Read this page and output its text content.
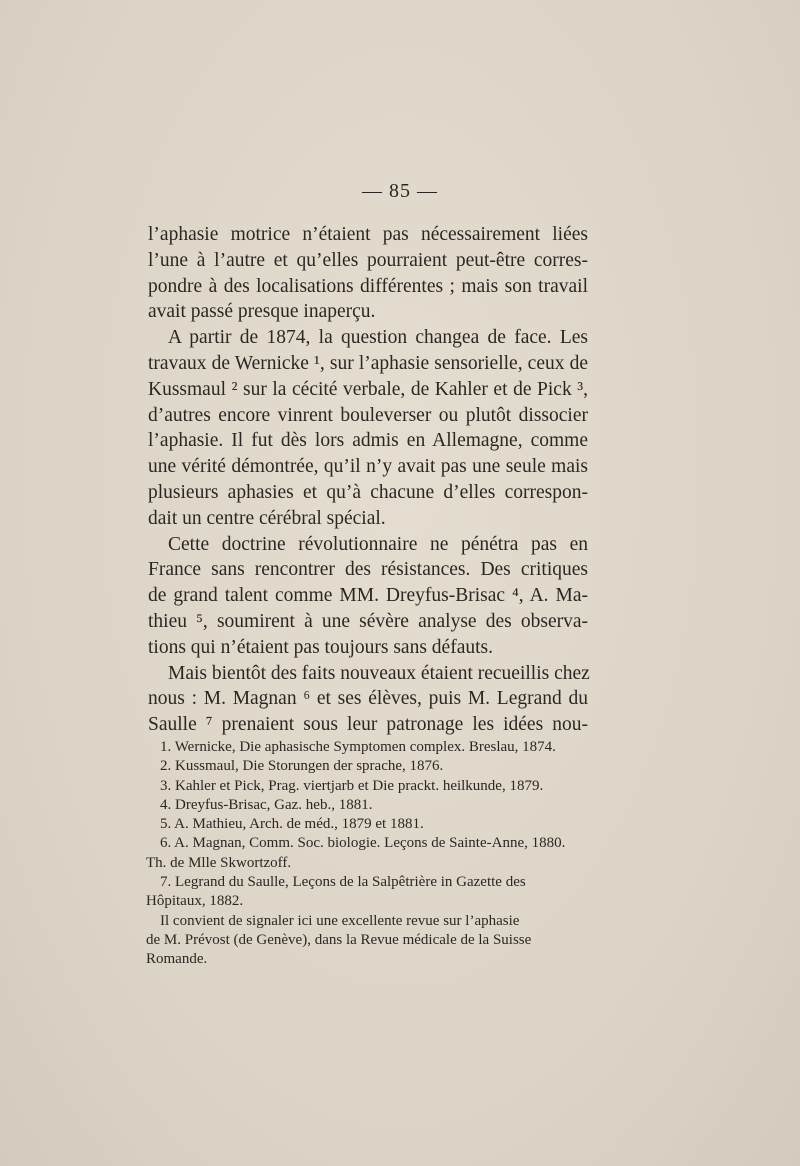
— 85 —
l’aphasie motrice n’étaient pas nécessairement liées
l’une à l’autre et qu’elles pourraient peut-être corres-
pondre à des localisations différentes ; mais son travail
avait passé presque inaperçu.
A partir de 1874, la question changea de face. Les
travaux de Wernicke ¹, sur l’aphasie sensorielle, ceux de
Kussmaul ² sur la cécité verbale, de Kahler et de Pick ³,
d’autres encore vinrent bouleverser ou plutôt dissocier
l’aphasie. Il fut dès lors admis en Allemagne, comme
une vérité démontrée, qu’il n’y avait pas une seule mais
plusieurs aphasies et qu’à chacune d’elles correspon-
dait un centre cérébral spécial.
Cette doctrine révolutionnaire ne pénétra pas en
France sans rencontrer des résistances. Des critiques
de grand talent comme MM. Dreyfus-Brisac ⁴, A. Ma-
thieu ⁵, soumirent à une sévère analyse des observa-
tions qui n’étaient pas toujours sans défauts.
Mais bientôt des faits nouveaux étaient recueillis chez
nous : M. Magnan ⁶ et ses élèves, puis M. Legrand du
Saulle ⁷ prenaient sous leur patronage les idées nou-
1. Wernicke, Die aphasische Symptomen complex. Breslau, 1874.
2. Kussmaul, Die Storungen der sprache, 1876.
3. Kahler et Pick, Prag. viertjarb et Die prackt. heilkunde, 1879.
4. Dreyfus-Brisac, Gaz. heb., 1881.
5. A. Mathieu, Arch. de méd., 1879 et 1881.
6. A. Magnan, Comm. Soc. biologie. Leçons de Sainte-Anne, 1880.
Th. de Mlle Skwortzoff.
7. Legrand du Saulle, Leçons de la Salpêtrière in Gazette des
Hôpitaux, 1882.
Il convient de signaler ici une excellente revue sur l’aphasie
de M. Prévost (de Genève), dans la Revue médicale de la Suisse
Romande.
